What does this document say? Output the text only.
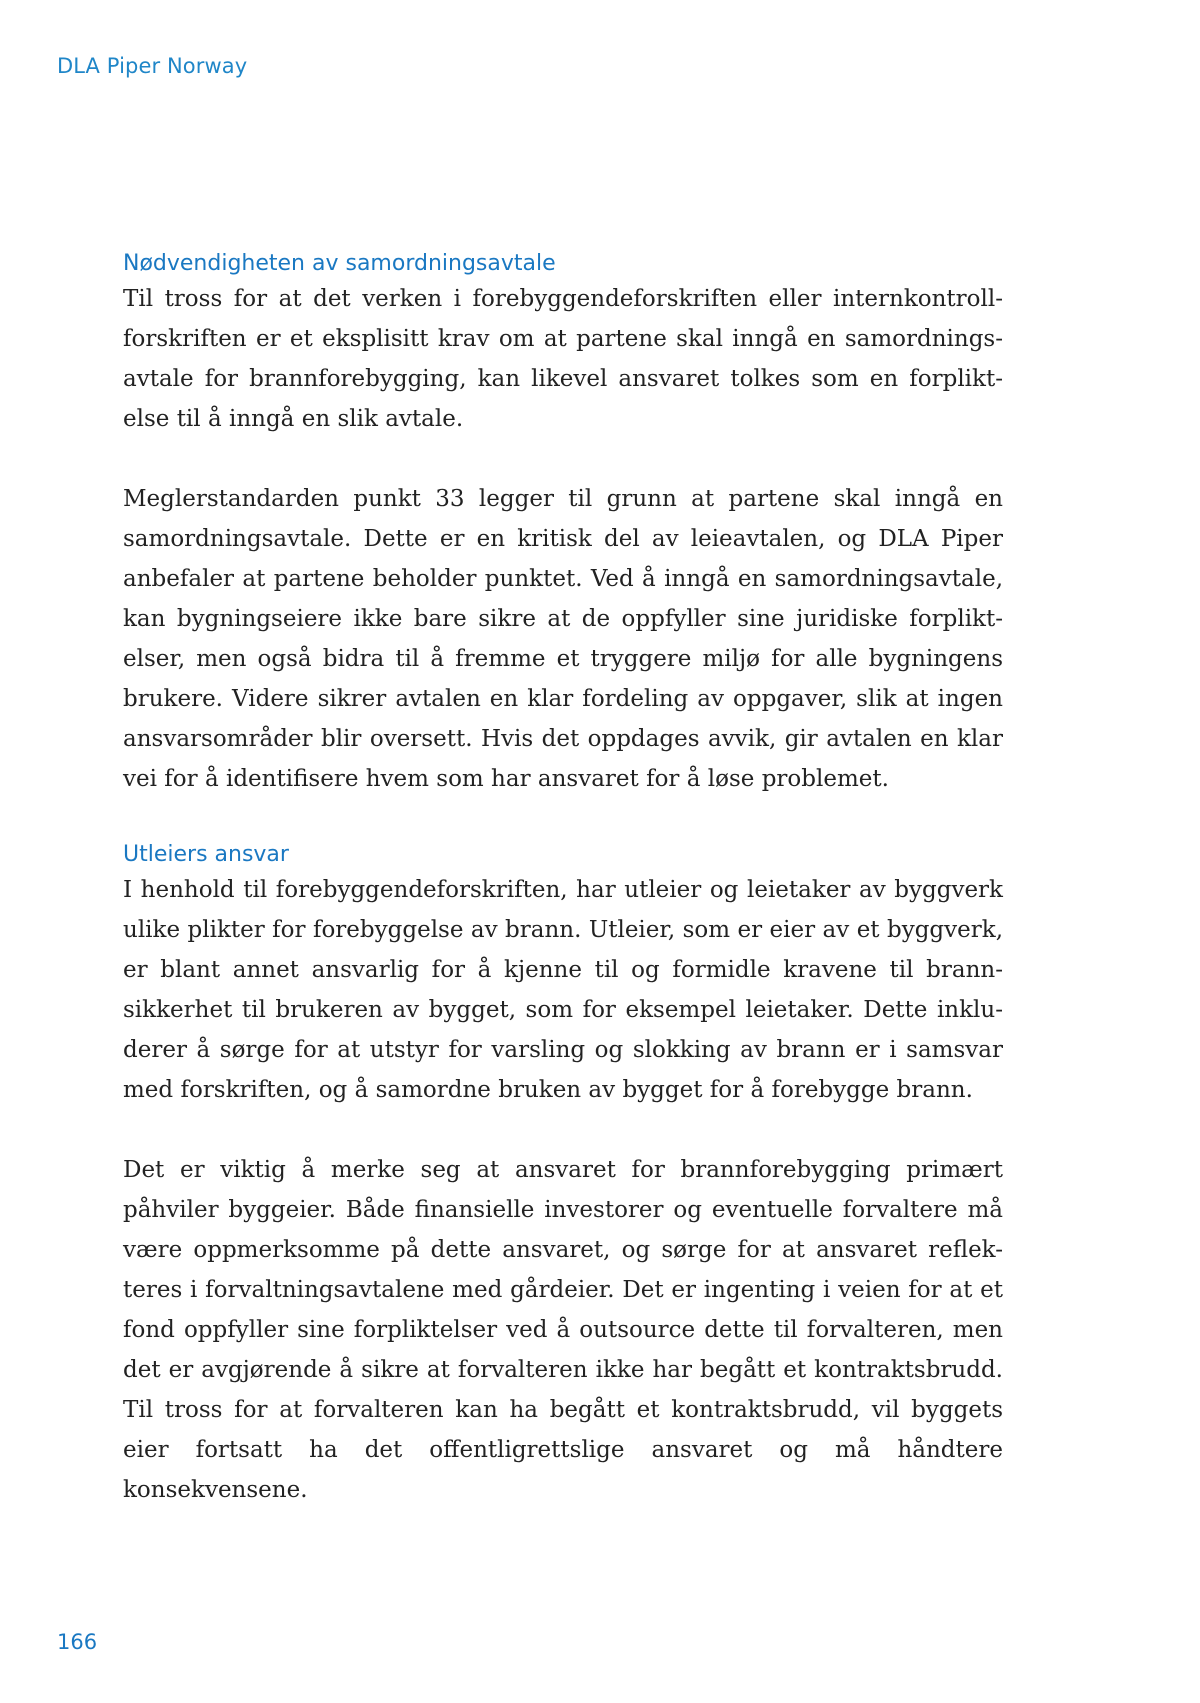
DLA Piper Norway
Nødvendigheten av samordningsavtale

Til tross for at det verken i forebyggendeforskriften eller internkontroll-forskriften er et eksplisitt krav om at partene skal inngå en samordnings-avtale for brannforebygging, kan likevel ansvaret tolkes som en forplikt-else til å inngå en slik avtale.

Meglerstandarden punkt 33 legger til grunn at partene skal inngå en samordningsavtale. Dette er en kritisk del av leieavtalen, og DLA Piper anbefaler at partene beholder punktet. Ved å inngå en samordningsavtale, kan bygningseiere ikke bare sikre at de oppfyller sine juridiske forplikt-elser, men også bidra til å fremme et tryggere miljø for alle bygningens brukere. Videre sikrer avtalen en klar fordeling av oppgaver, slik at ingen ansvarsområder blir oversett. Hvis det oppdages avvik, gir avtalen en klar vei for å identifisere hvem som har ansvaret for å løse problemet.

Utleiers ansvar

I henhold til forebyggendeforskriften, har utleier og leietaker av byggverk ulike plikter for forebyggelse av brann. Utleier, som er eier av et byggverk, er blant annet ansvarlig for å kjenne til og formidle kravene til brann-sikkerhet til brukeren av bygget, som for eksempel leietaker. Dette inklu-derer å sørge for at utstyr for varsling og slokking av brann er i samsvar med forskriften, og å samordne bruken av bygget for å forebygge brann.

Det er viktig å merke seg at ansvaret for brannforebygging primært påhviler byggeier. Både finansielle investorer og eventuelle forvaltere må være oppmerksomme på dette ansvaret, og sørge for at ansvaret reflek-teres i forvaltningsavtalene med gårdeier. Det er ingenting i veien for at et fond oppfyller sine forpliktelser ved å outsource dette til forvalteren, men det er avgjørende å sikre at forvalteren ikke har begått et kontraktsbrudd. Til tross for at forvalteren kan ha begått et kontraktsbrudd, vil byggets eier fortsatt ha det offentligrettslige ansvaret og må håndtere konsekvensene.

166
